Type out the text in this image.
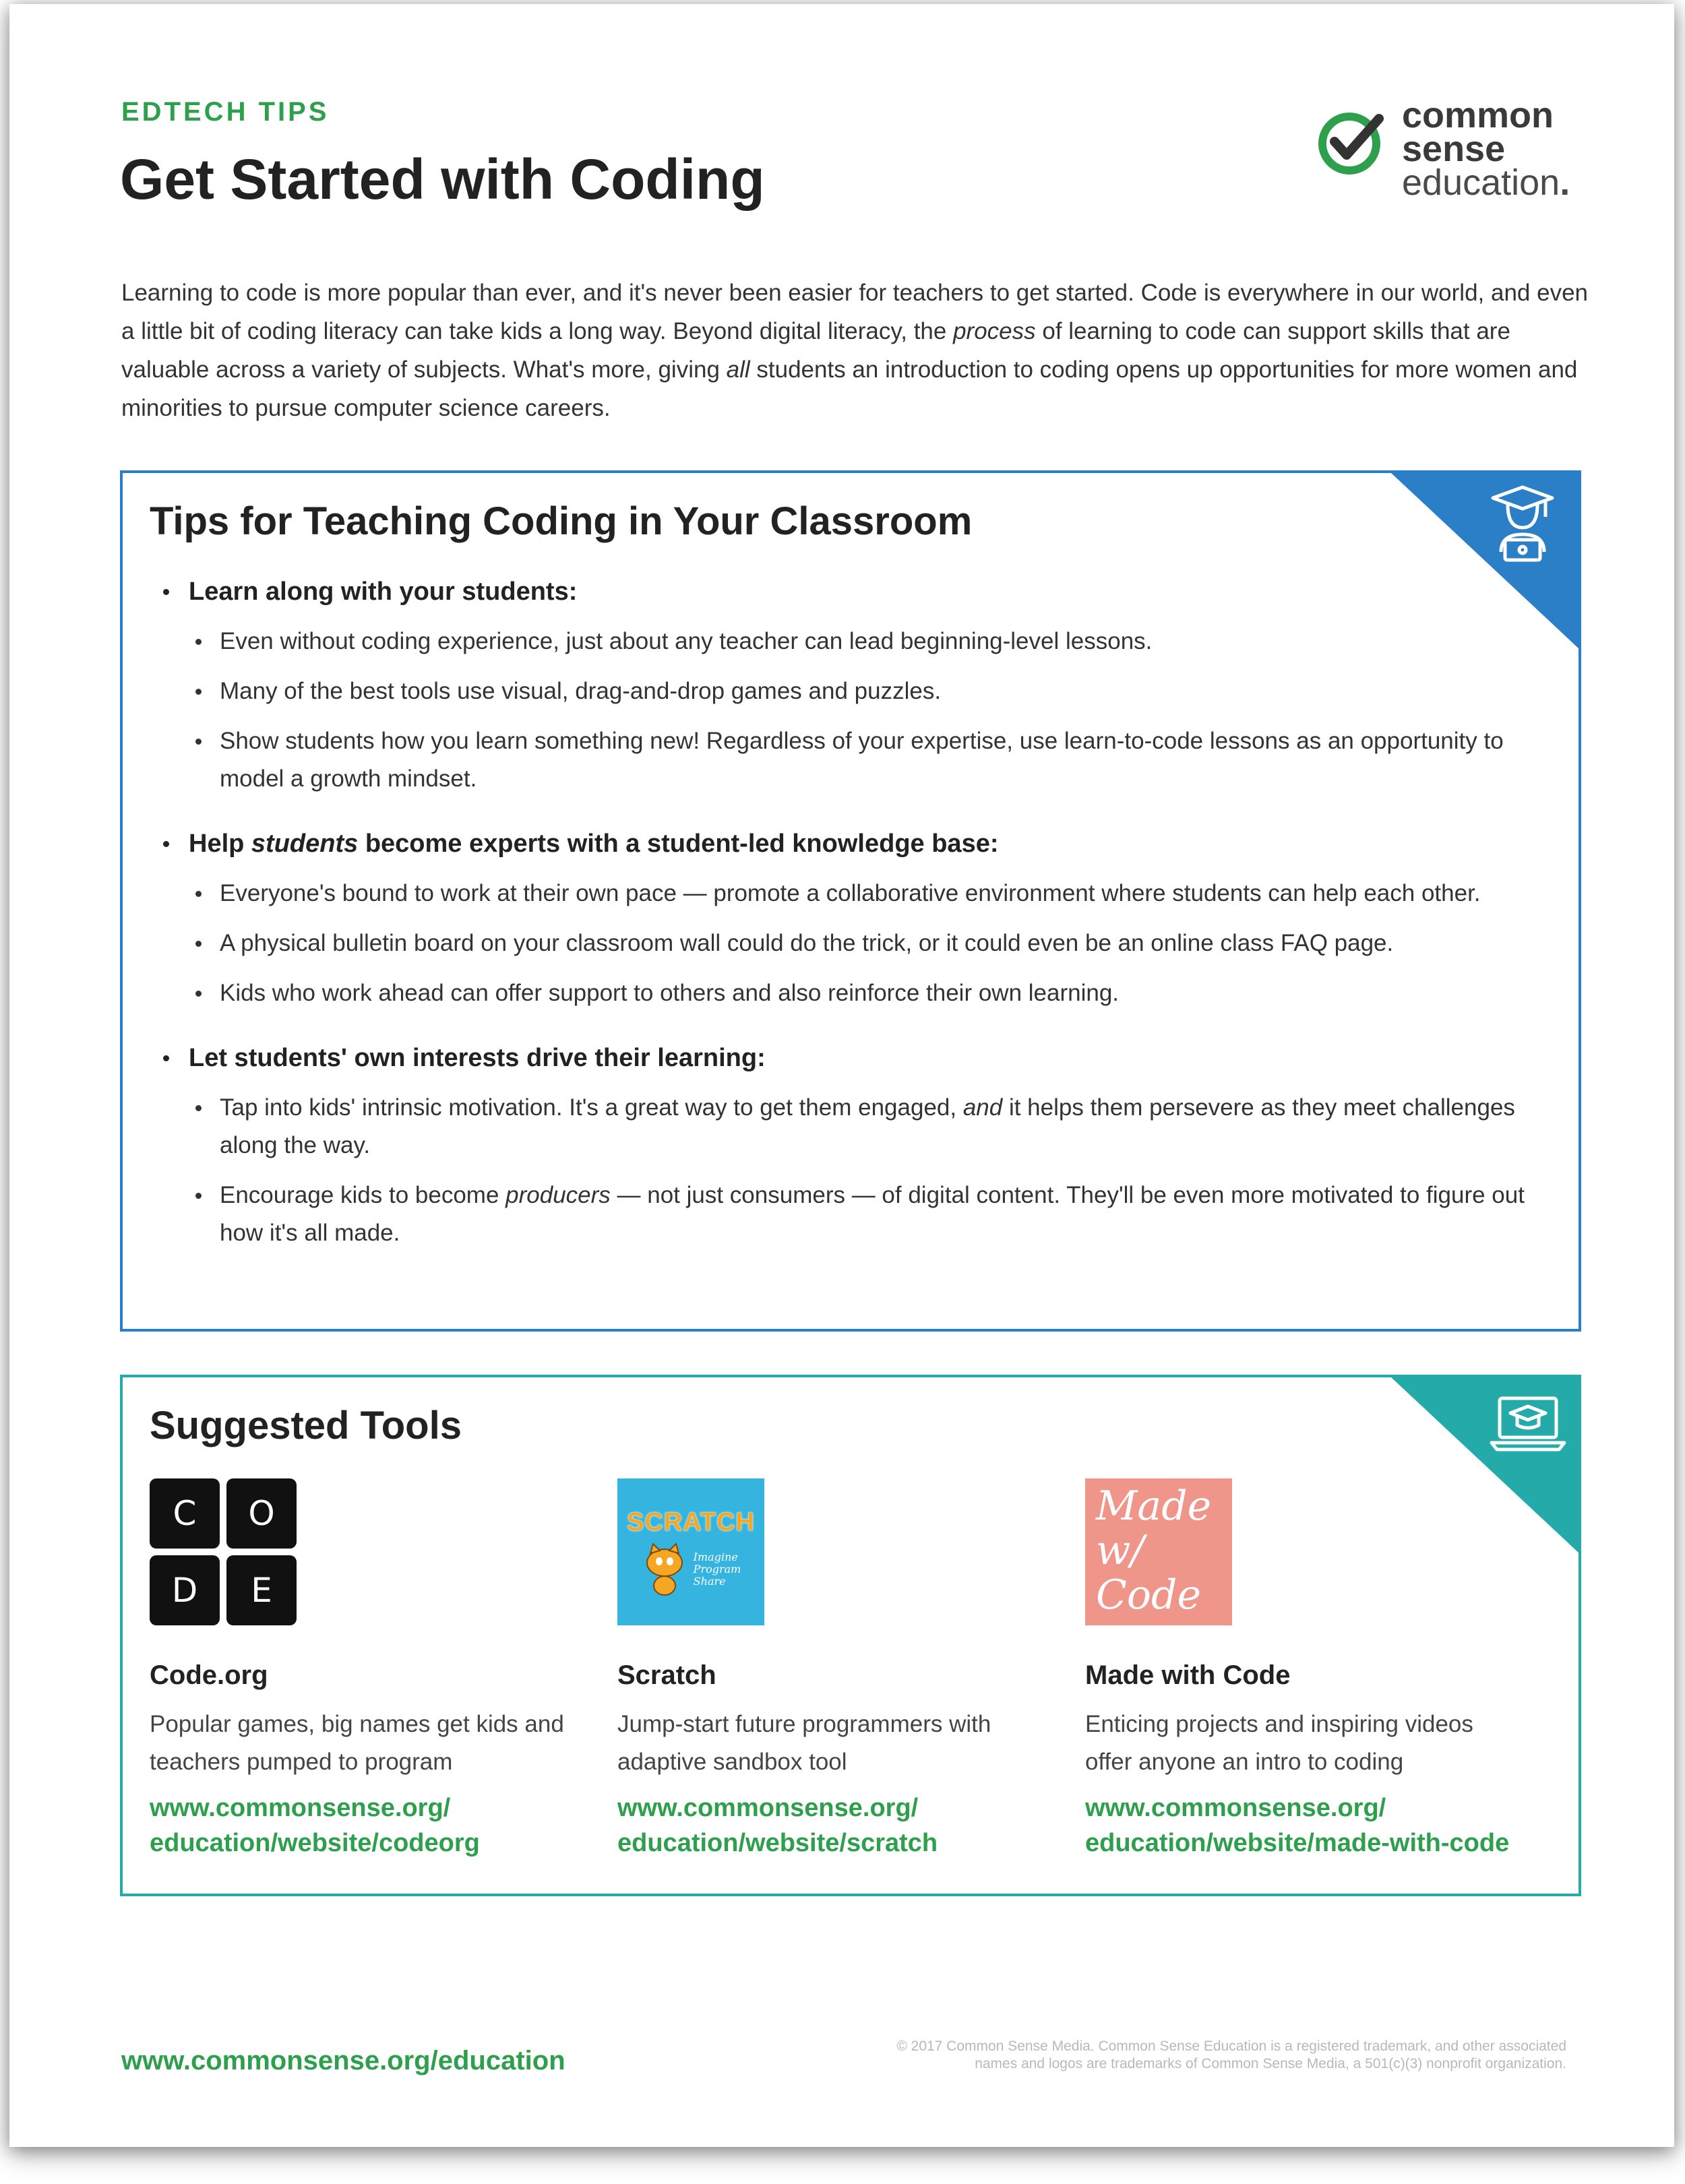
EDTECH TIPS
Get Started with Coding
common
sense
education.

Learning to code is more popular than ever, and it's never been easier for teachers to get started. Code is everywhere in our world, and even a little bit of coding literacy can take kids a long way. Beyond digital literacy, the process of learning to code can support skills that are valuable across a variety of subjects. What's more, giving all students an introduction to coding opens up opportunities for more women and minorities to pursue computer science careers.

Tips for Teaching Coding in Your Classroom
Learn along with your students:
Even without coding experience, just about any teacher can lead beginning-level lessons.
Many of the best tools use visual, drag-and-drop games and puzzles.
Show students how you learn something new! Regardless of your expertise, use learn-to-code lessons as an opportunity to model a growth mindset.
Help students become experts with a student-led knowledge base:
Everyone's bound to work at their own pace — promote a collaborative environment where students can help each other.
A physical bulletin board on your classroom wall could do the trick, or it could even be an online class FAQ page.
Kids who work ahead can offer support to others and also reinforce their own learning.
Let students' own interests drive their learning:
Tap into kids' intrinsic motivation. It's a great way to get them engaged, and it helps them persevere as they meet challenges along the way.
Encourage kids to become producers — not just consumers — of digital content. They'll be even more motivated to figure out how it's all made.
Suggested Tools
C	O
D	E
Code.org
Popular games, big names get kids and teachers pumped to program
www.commonsense.org/
education/website/codeorg
SCRATCH
Imagine
Program
Share
Scratch
Jump-start future programmers with adaptive sandbox tool
www.commonsense.org/
education/website/scratch
Made
w/
Code
Made with Code
Enticing projects and inspiring videos offer anyone an intro to coding
www.commonsense.org/
education/website/made-with-code
www.commonsense.org/education	© 2017 Common Sense Media. Common Sense Education is a registered trademark, and other associated
names and logos are trademarks of Common Sense Media, a 501(c)(3) nonprofit organization.
